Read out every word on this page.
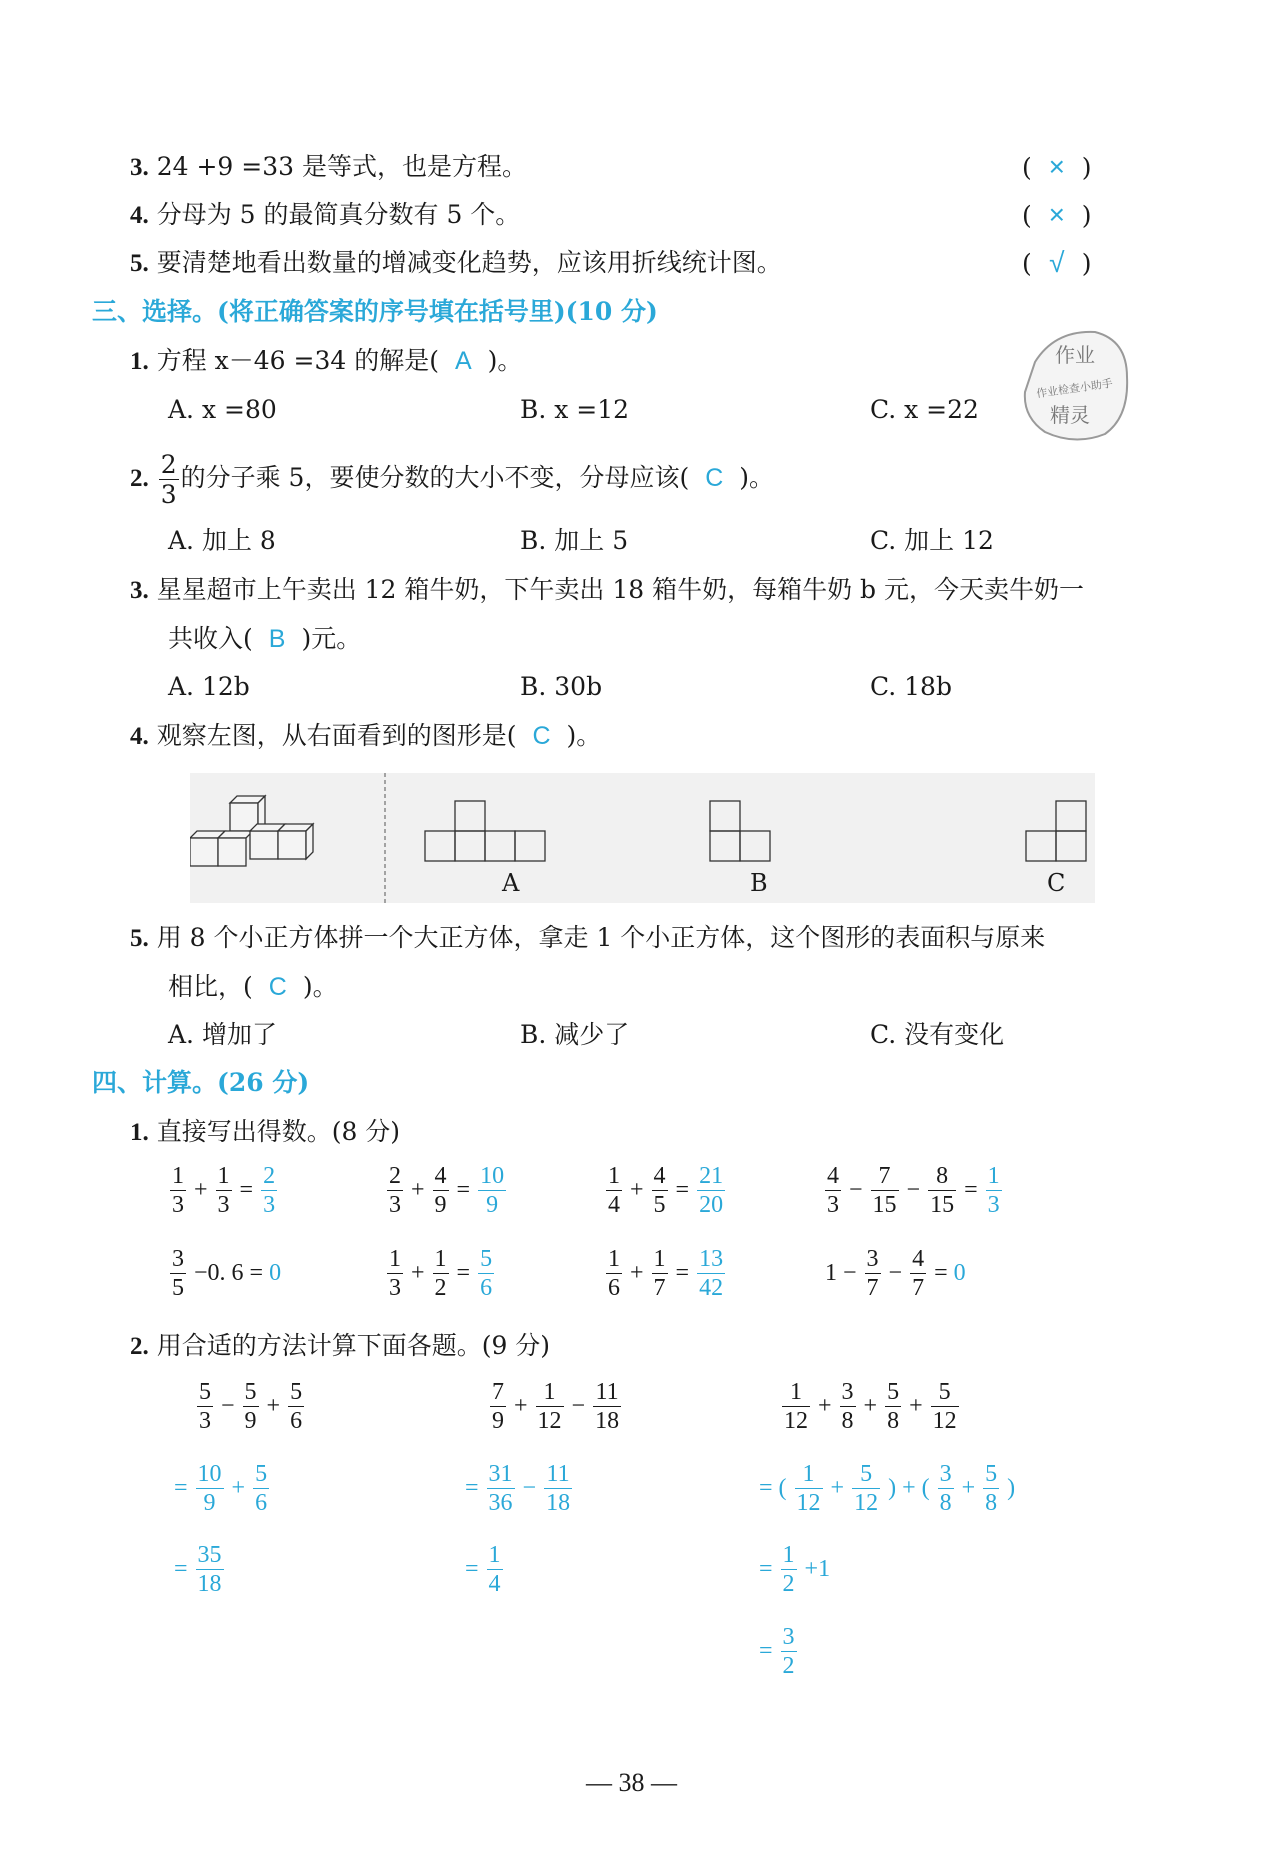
3. 24 +9 =33 是等式，也是方程。	( × )
4. 分母为 5 的最简真分数有 5 个。	( × )
5. 要清楚地看出数量的增减变化趋势，应该用折线统计图。	( √ )
三、选择。(将正确答案的序号填在括号里)(10 分)
1. 方程 x－46 =34 的解是( A )。
A. x =80	B. x =12	C. x =22
作业
作业检查小助手
精灵
2. $\frac{2}{3}$ 的分子乘 5，要使分数的大小不变，分母应该( C )。
A. 加上 8	B. 加上 5	C. 加上 12
3. 星星超市上午卖出 12 箱牛奶，下午卖出 18 箱牛奶，每箱牛奶 b 元，今天卖牛奶一
共收入( B )元。
A. 12b	B. 30b	C. 18b
4. 观察左图，从右面看到的图形是( C )。
A	B	C
5. 用 8 个小正方体拼一个大正方体，拿走 1 个小正方体，这个图形的表面积与原来
相比，( C )。
A. 增加了	B. 减少了	C. 没有变化
四、计算。(26 分)
1. 直接写出得数。(8 分)
$\frac{1}{3} + \frac{1}{3} = \frac{2}{3}$	$\frac{2}{3} + \frac{4}{9} = \frac{10}{9}$	$\frac{1}{4} + \frac{4}{5} = \frac{21}{20}$	$\frac{4}{3} - \frac{7}{15} - \frac{8}{15} = \frac{1}{3}$
$\frac{3}{5} -0$. 6 = 0	$\frac{1}{3} + \frac{1}{2} = \frac{5}{6}$	$\frac{1}{6} + \frac{1}{7} = \frac{13}{42}$	$1 - \frac{3}{7} - \frac{4}{7} = 0$
2. 用合适的方法计算下面各题。(9 分)
$\frac{5}{3} - \frac{5}{9} + \frac{5}{6}$
= $\frac{10}{9} + \frac{5}{6}$
= $\frac{35}{18}$
$\frac{7}{9} + \frac{1}{12} - \frac{11}{18}$
= $\frac{31}{36} - \frac{11}{18}$
= $\frac{1}{4}$
$\frac{1}{12} + \frac{3}{8} + \frac{5}{8} + \frac{5}{12}$
= ( $\frac{1}{12} + \frac{5}{12}$ ) + ( $\frac{3}{8} + \frac{5}{8}$ )
= $\frac{1}{2} +1$
= $\frac{3}{2}$
— 38 —
